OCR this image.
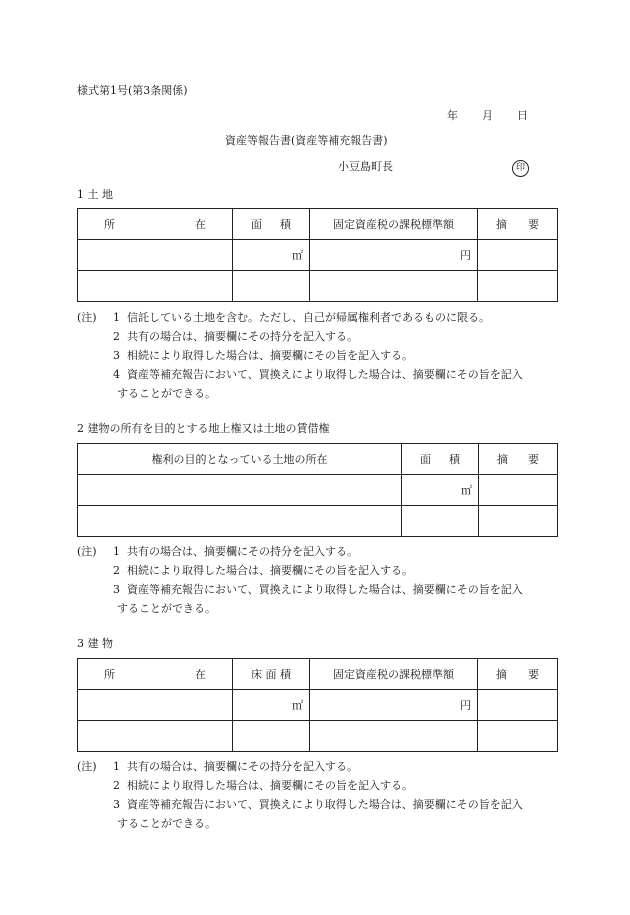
様式第1号(第3条関係)
年 月 日
資産等報告書(資産等補充報告書)
小豆島町長	印
1 土 地
所 在	面 積	固定資産税の課税標準額	摘 要

	㎡	円	

(注)	1 信託している土地を含む。ただし、自己が帰属権利者であるものに限る。
2 共有の場合は、摘要欄にその持分を記入する。
3 相続により取得した場合は、摘要欄にその旨を記入する。
4 資産等補充報告において、買換えにより取得した場合は、摘要欄にその旨を記入
することができる。
2 建物の所有を目的とする地上権又は土地の賃借権
権利の目的となっている土地の所在	面 積	摘 要

	㎡	

(注)	1 共有の場合は、摘要欄にその持分を記入する。
2 相続により取得した場合は、摘要欄にその旨を記入する。
3 資産等補充報告において、買換えにより取得した場合は、摘要欄にその旨を記入
することができる。
3 建 物
所 在	床 面 積	固定資産税の課税標準額	摘 要

	㎡	円	

(注)	1 共有の場合は、摘要欄にその持分を記入する。
2 相続により取得した場合は、摘要欄にその旨を記入する。
3 資産等補充報告において、買換えにより取得した場合は、摘要欄にその旨を記入
することができる。
